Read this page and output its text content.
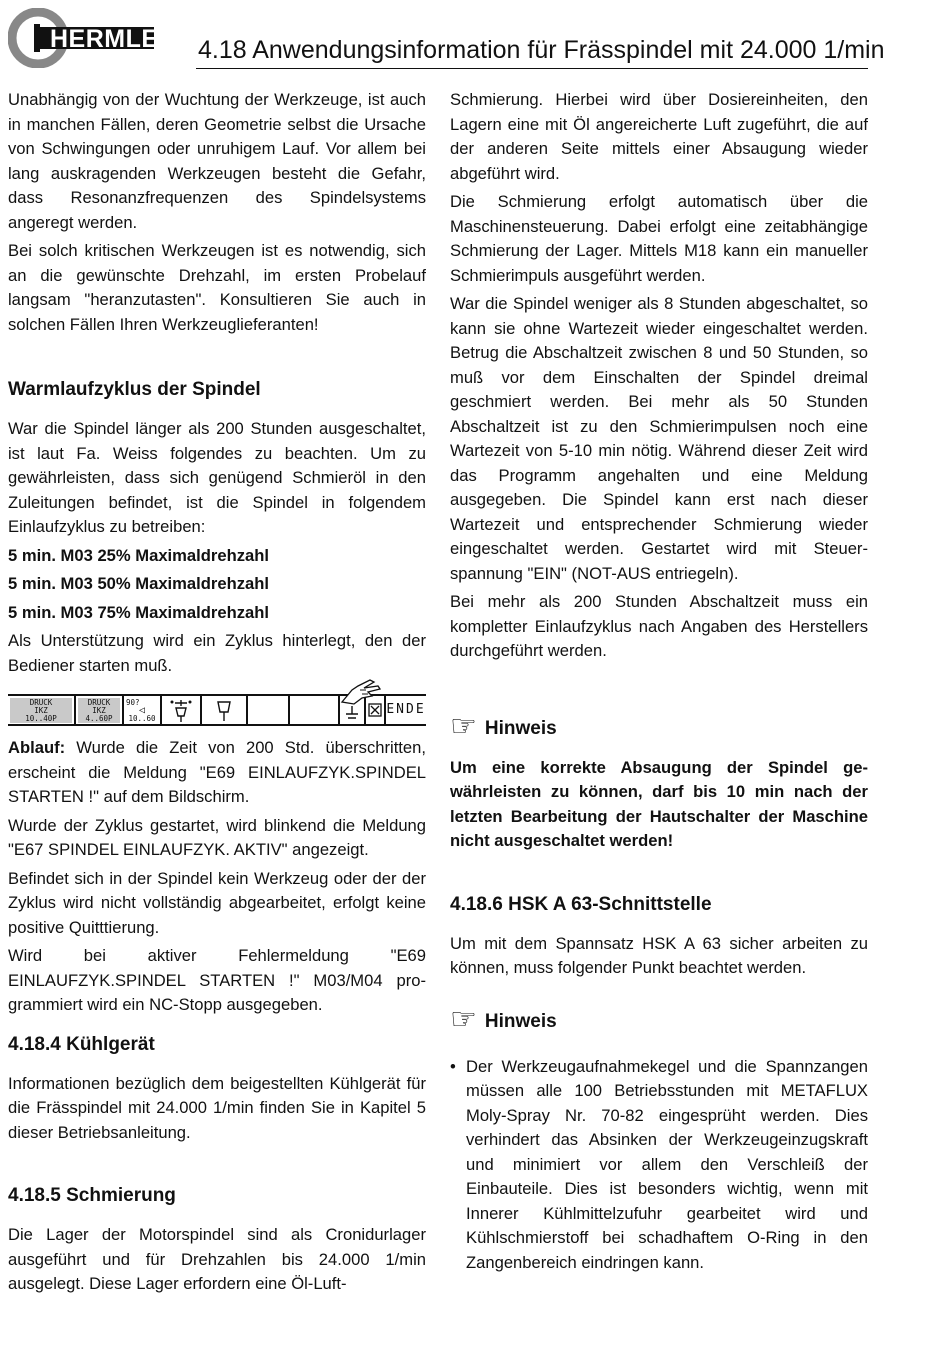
HERMLE 4.18 Anwendungsinformation für Frässpindel mit 24.000 1/min

Unabhängig von der Wuchtung der Werkzeuge, ist auch in manchen Fällen, deren Geometrie selbst die Ursache von Schwingungen oder unruhigem Lauf. Vor allem bei lang auskragenden Werkzeugen besteht die Gefahr, dass Resonanzfrequenzen des Spindelsystems angeregt werden.

Bei solch kritischen Werkzeugen ist es notwendig, sich an die gewünschte Drehzahl, im ersten Probelauf langsam "heranzutasten". Konsultieren Sie auch in solchen Fällen Ihren Werkzeuglieferanten!

Warmlaufzyklus der Spindel

War die Spindel länger als 200 Stunden ausgeschaltet, ist laut Fa. Weiss folgendes zu beachten. Um zu gewährleisten, dass sich genügend Schmieröl in den Zuleitungen befindet, ist die Spindel in folgendem Einlaufzyklus zu betreiben:

5 min. M03 25% Maximaldrehzahl

5 min. M03 50% Maximaldrehzahl

5 min. M03 75% Maximaldrehzahl

Als Unterstützung wird ein Zyklus hinterlegt, den der Bediener starten muß.

DRUCK
IKZ
10..40P
DRUCK
IKZ
4..60P
90?
◁
10..60
ENDE

Ablauf: Wurde die Zeit von 200 Std. überschritten, erscheint die Meldung "E69 EINLAUFZYK.SPINDEL STARTEN !" auf dem Bildschirm.

Wurde der Zyklus gestartet, wird blinkend die Meldung "E67 SPINDEL EINLAUFZYK. AKTIV" angezeigt.

Befindet sich in der Spindel kein Werkzeug oder der der Zyklus wird nicht vollständig abgearbeitet, erfolgt keine positive Quitttierung.

Wird bei aktiver Fehlermeldung "E69 EINLAUFZYK.SPINDEL STARTEN !" M03/M04 programmiert wird ein NC-Stopp ausgegeben.

4.18.4 Kühlgerät

Informationen bezüglich dem beigestellten Kühlgerät für die Frässpindel mit 24.000 1/min finden Sie in Kapitel 5 dieser Betriebsanleitung.

4.18.5 Schmierung

Die Lager der Motorspindel sind als Cronidurlager ausgeführt und für Drehzahlen bis 24.000 1/min ausgelegt. Diese Lager erfordern eine Öl-Luft-

Schmierung. Hierbei wird über Dosiereinheiten, den Lagern eine mit Öl angereicherte Luft zugeführt, die auf der anderen Seite mittels einer Absaugung wieder abgeführt wird.

Die Schmierung erfolgt automatisch über die Maschinensteuerung. Dabei erfolgt eine zeitabhängige Schmierung der Lager. Mittels M18 kann ein manueller Schmierimpuls ausgeführt werden.

War die Spindel weniger als 8 Stunden abgeschaltet, so kann sie ohne Wartezeit wieder eingeschaltet werden. Betrug die Abschaltzeit zwischen 8 und 50 Stunden, so muß vor dem Einschalten der Spindel dreimal geschmiert werden. Bei mehr als 50 Stunden Abschaltzeit ist zu den Schmierimpulsen noch eine Wartezeit von 5-10 min nötig. Während dieser Zeit wird das Programm angehalten und eine Meldung ausgegeben. Die Spindel kann erst nach dieser Wartezeit und entsprechender Schmierung wieder eingeschaltet werden. Gestartet wird mit Steuerspannung "EIN" (NOT-AUS entriegeln).

Bei mehr als 200 Stunden Abschaltzeit muss ein kompletter Einlaufzyklus nach Angaben des Herstellers durchgeführt werden.

☞ Hinweis

Um eine korrekte Absaugung der Spindel gewährleisten zu können, darf bis 10 min nach der letzten Bearbeitung der Hautschalter der Maschine nicht ausgeschaltet werden!

4.18.6 HSK A 63-Schnittstelle

Um mit dem Spannsatz HSK A 63 sicher arbeiten zu können, muss folgender Punkt beachtet werden.

☞ Hinweis
• Der Werkzeugaufnahmekegel und die Spannzangen müssen alle 100 Betriebsstunden mit METAFLUX Moly-Spray Nr. 70-82 eingesprüht werden. Dies verhindert das Absinken der Werkzeugeinzugskraft und minimiert vor allem den Verschleiß der Einbauteile. Dies ist besonders wichtig, wenn mit Innerer Kühlmittelzufuhr gearbeitet wird und Kühlschmierstoff bei schadhaftem O-Ring in den Zangenbereich eindringen kann.
